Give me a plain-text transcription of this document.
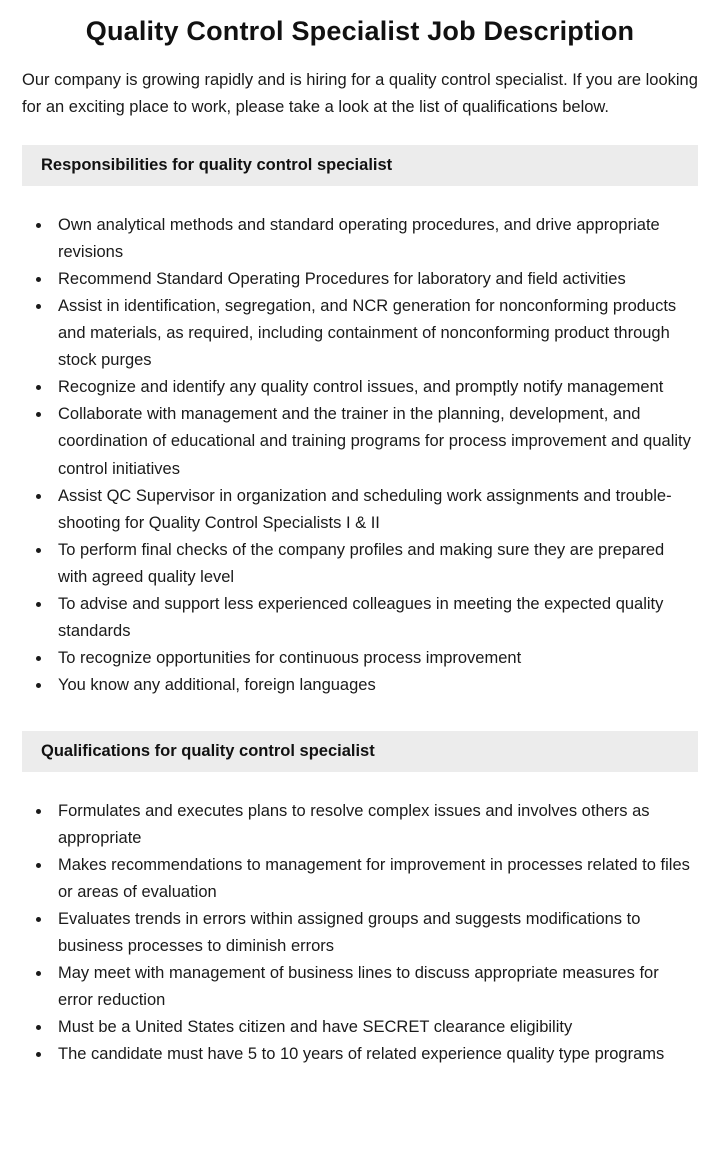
Quality Control Specialist Job Description

Our company is growing rapidly and is hiring for a quality control specialist. If you are looking for an exciting place to work, please take a look at the list of qualifications below.

Responsibilities for quality control specialist
• Own analytical methods and standard operating procedures, and drive appropriate revisions
• Recommend Standard Operating Procedures for laboratory and field activities
• Assist in identification, segregation, and NCR generation for nonconforming products and materials, as required, including containment of nonconforming product through stock purges
• Recognize and identify any quality control issues, and promptly notify management
• Collaborate with management and the trainer in the planning, development, and coordination of educational and training programs for process improvement and quality control initiatives
• Assist QC Supervisor in organization and scheduling work assignments and trouble-shooting for Quality Control Specialists I & II
• To perform final checks of the company profiles and making sure they are prepared with agreed quality level
• To advise and support less experienced colleagues in meeting the expected quality standards
• To recognize opportunities for continuous process improvement
• You know any additional, foreign languages
Qualifications for quality control specialist
• Formulates and executes plans to resolve complex issues and involves others as appropriate
• Makes recommendations to management for improvement in processes related to files or areas of evaluation
• Evaluates trends in errors within assigned groups and suggests modifications to business processes to diminish errors
• May meet with management of business lines to discuss appropriate measures for error reduction
• Must be a United States citizen and have SECRET clearance eligibility
• The candidate must have 5 to 10 years of related experience quality type programs
